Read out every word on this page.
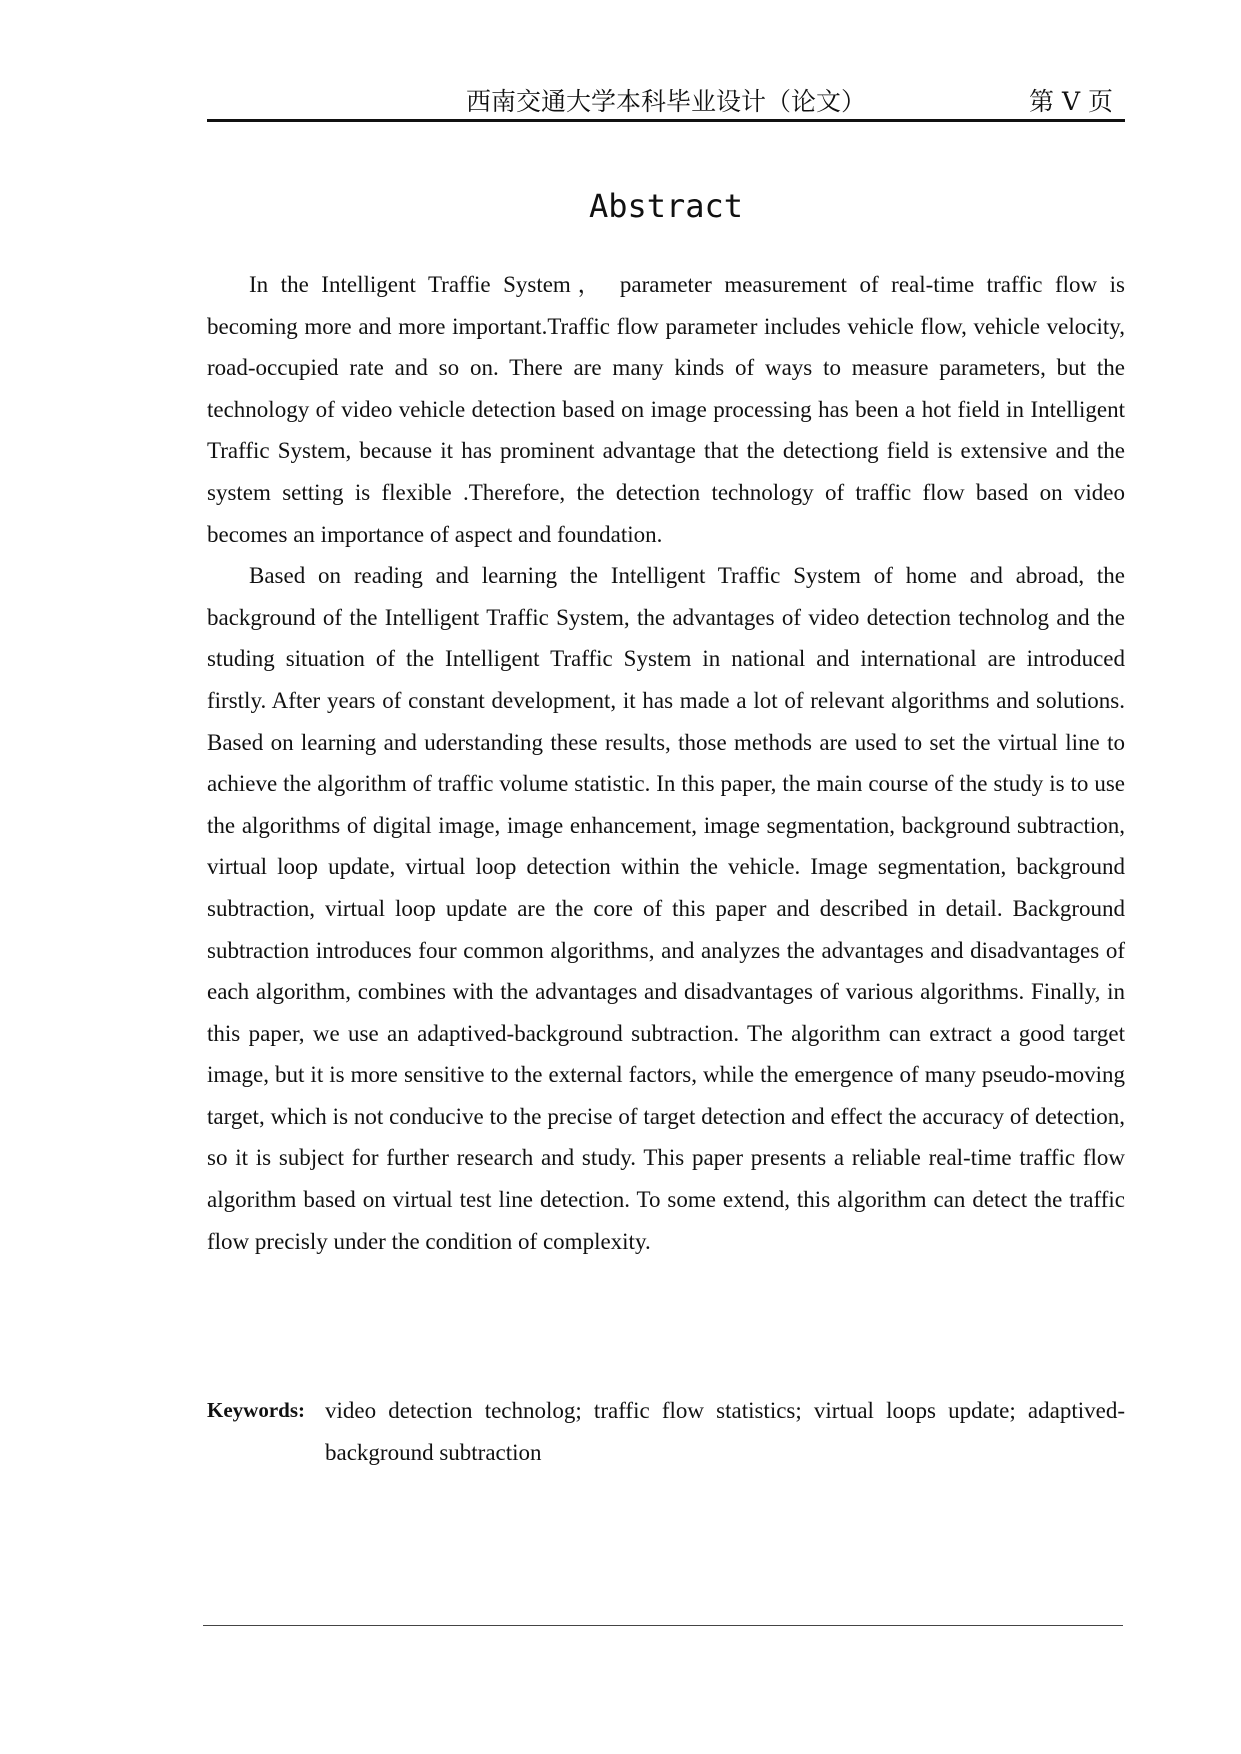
西南交通大学本科毕业设计（论文）	第 V 页
Abstract

In the Intelligent Traffie System， parameter measurement of real-time traffic flow is becoming more and more important.Traffic flow parameter includes vehicle flow, vehicle velocity, road-occupied rate and so on. There are many kinds of ways to measure parameters, but the technology of video vehicle detection based on image processing has been a hot field in Intelligent Traffic System, because it has prominent advantage that the detectiong field is extensive and the system setting is flexible .Therefore, the detection technology of traffic flow based on video becomes an importance of aspect and foundation.

Based on reading and learning the Intelligent Traffic System of home and abroad, the background of the Intelligent Traffic System, the advantages of video detection technolog and the studing situation of the Intelligent Traffic System in national and international are introduced firstly. After years of constant development, it has made a lot of relevant algorithms and solutions. Based on learning and uderstanding these results, those methods are used to set the virtual line to achieve the algorithm of traffic volume statistic. In this paper, the main course of the study is to use the algorithms of digital image, image enhancement, image segmentation, background subtraction, virtual loop update, virtual loop detection within the vehicle. Image segmentation, background subtraction, virtual loop update are the core of this paper and described in detail. Background subtraction introduces four common algorithms, and analyzes the advantages and disadvantages of each algorithm, combines with the advantages and disadvantages of various algorithms. Finally, in this paper, we use an adaptived-background subtraction. The algorithm can extract a good target image, but it is more sensitive to the external factors, while the emergence of many pseudo-moving target, which is not conducive to the precise of target detection and effect the accuracy of detection, so it is subject for further research and study. This paper presents a reliable real-time traffic flow algorithm based on virtual test line detection. To some extend, this algorithm can detect the traffic flow precisly under the condition of complexity.

Keywords: video detection technolog; traffic flow statistics; virtual loops update; adaptived-background subtraction
